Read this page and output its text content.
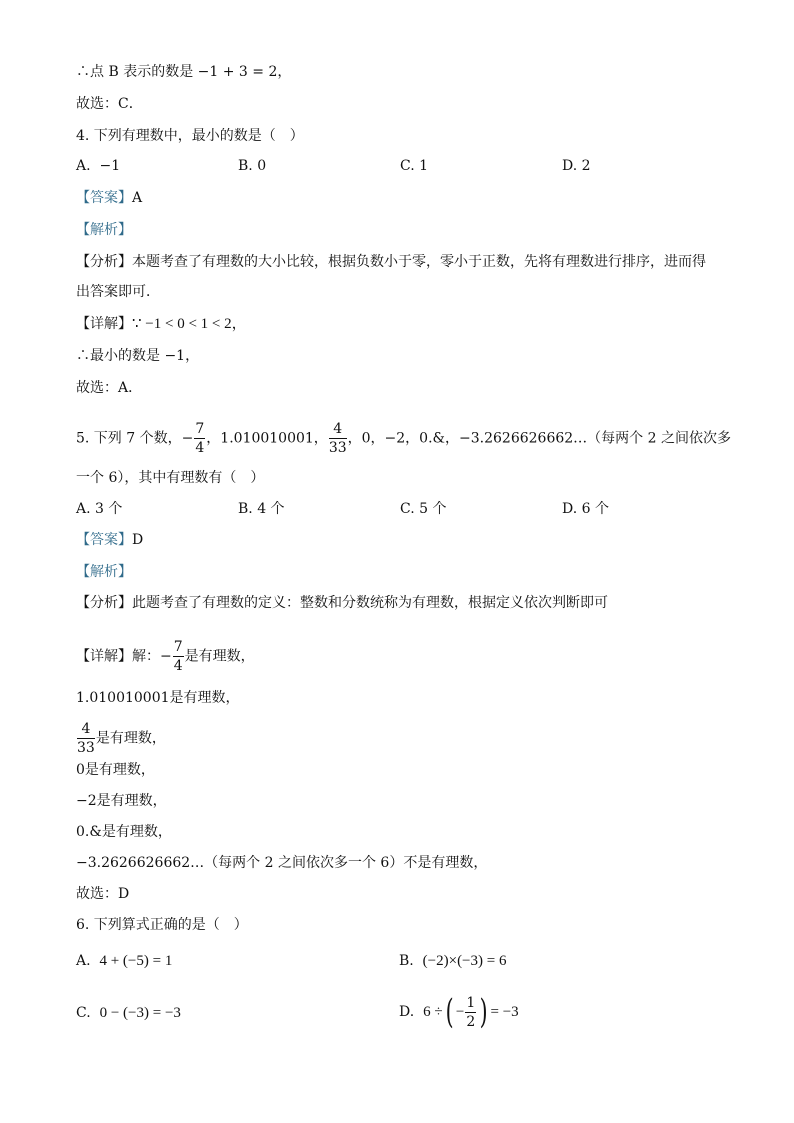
∴点 B 表示的数是 −1 + 3 = 2，
故选：C．
4. 下列有理数中，最小的数是（　）
A. −1	B. 0	C. 1	D. 2
【答案】A
【解析】
【分析】本题考查了有理数的大小比较，根据负数小于零，零小于正数，先将有理数进行排序，进而得
出答案即可．
【详解】∵ −1 < 0 < 1 < 2，
∴最小的数是 −1，
故选：A．
5. 下列 7 个数，− $\frac{7}{4}$ ，1.010010001， $\frac{4}{33}$ ，0，−2，0.&，−3.2626626662…（每两个 2 之间依次多
一个 6），其中有理数有（　）
A. 3 个	B. 4 个	C. 5 个	D. 6 个
【答案】D
【解析】
【分析】此题考查了有理数的定义：整数和分数统称为有理数，根据定义依次判断即可
【详解】解：− $\frac{7}{4}$ 是有理数，
1.010010001是有理数，
$\frac{4}{33}$ 是有理数，
0是有理数，
−2是有理数，
0.&是有理数，
−3.2626626662…（每两个 2 之间依次多一个 6）不是有理数，
故选：D
6. 下列算式正确的是（　）
A. 4 + (−5) = 1	B. (−2)×(−3) = 6
C. 0 − (−3) = −3	D. 6 ÷( − $\frac{1}{2}$ ) = −3
